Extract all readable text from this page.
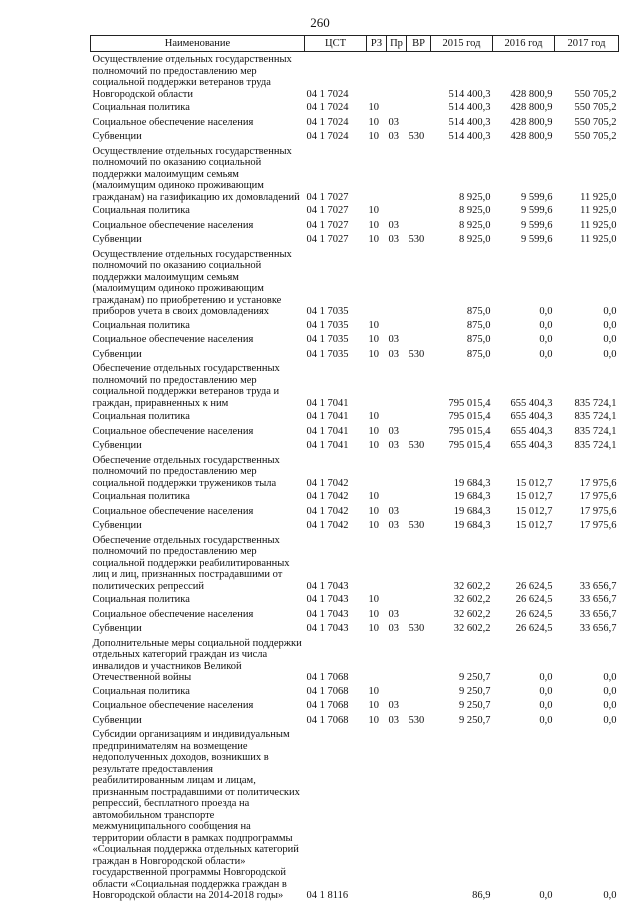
260
Наименование	ЦСТ	РЗ	Пр	ВР	2015 год	2016 год	2017 год
Осуществление отдельных государственных полномочий по предоставлению мер социальной поддержки ветеранов труда Новгородской области	04 1 7024				514 400,3	428 800,9	550 705,2
Социальная политика	04 1 7024	10			514 400,3	428 800,9	550 705,2
Социальное обеспечение населения	04 1 7024	10	03		514 400,3	428 800,9	550 705,2
Субвенции	04 1 7024	10	03	530	514 400,3	428 800,9	550 705,2
Осуществление отдельных государственных полномочий по оказанию социальной поддержки малоимущим семьям (малоимущим одиноко проживающим гражданам) на газификацию их домовладений	04 1 7027				8 925,0	9 599,6	11 925,0
Социальная политика	04 1 7027	10			8 925,0	9 599,6	11 925,0
Социальное обеспечение населения	04 1 7027	10	03		8 925,0	9 599,6	11 925,0
Субвенции	04 1 7027	10	03	530	8 925,0	9 599,6	11 925,0
Осуществление отдельных государственных полномочий по оказанию социальной поддержки малоимущим семьям (малоимущим одиноко проживающим гражданам) по приобретению и установке приборов учета в своих домовладениях	04 1 7035				875,0	0,0	0,0
Социальная политика	04 1 7035	10			875,0	0,0	0,0
Социальное обеспечение населения	04 1 7035	10	03		875,0	0,0	0,0
Субвенции	04 1 7035	10	03	530	875,0	0,0	0,0
Обеспечение отдельных государственных полномочий по предоставлению мер социальной поддержки ветеранов труда и граждан, приравненных к ним	04 1 7041				795 015,4	655 404,3	835 724,1
Социальная политика	04 1 7041	10			795 015,4	655 404,3	835 724,1
Социальное обеспечение населения	04 1 7041	10	03		795 015,4	655 404,3	835 724,1
Субвенции	04 1 7041	10	03	530	795 015,4	655 404,3	835 724,1
Обеспечение отдельных государственных полномочий по предоставлению мер социальной поддержки тружеников тыла	04 1 7042				19 684,3	15 012,7	17 975,6
Социальная политика	04 1 7042	10			19 684,3	15 012,7	17 975,6
Социальное обеспечение населения	04 1 7042	10	03		19 684,3	15 012,7	17 975,6
Субвенции	04 1 7042	10	03	530	19 684,3	15 012,7	17 975,6
Обеспечение отдельных государственных полномочий по предоставлению мер социальной поддержки реабилитированных лиц и лиц, признанных пострадавшими от политических репрессий	04 1 7043				32 602,2	26 624,5	33 656,7
Социальная политика	04 1 7043	10			32 602,2	26 624,5	33 656,7
Социальное обеспечение населения	04 1 7043	10	03		32 602,2	26 624,5	33 656,7
Субвенции	04 1 7043	10	03	530	32 602,2	26 624,5	33 656,7
Дополнительные меры социальной поддержки отдельных категорий граждан из числа инвалидов и участников Великой Отечественной войны	04 1 7068				9 250,7	0,0	0,0
Социальная политика	04 1 7068	10			9 250,7	0,0	0,0
Социальное обеспечение населения	04 1 7068	10	03		9 250,7	0,0	0,0
Субвенции	04 1 7068	10	03	530	9 250,7	0,0	0,0
Субсидии организациям и индивидуальным предпринимателям на возмещение недополученных доходов, возникших в результате предоставления реабилитированным лицам и лицам, признанным пострадавшими от политических репрессий, бесплатного проезда на автомобильном транспорте межмуниципального сообщения на территории области в рамках подпрограммы «Социальная поддержка отдельных категорий граждан в Новгородской области» государственной программы Новгородской области «Социальная поддержка граждан в Новгородской области на 2014-2018 годы»	04 1 8116				86,9	0,0	0,0
